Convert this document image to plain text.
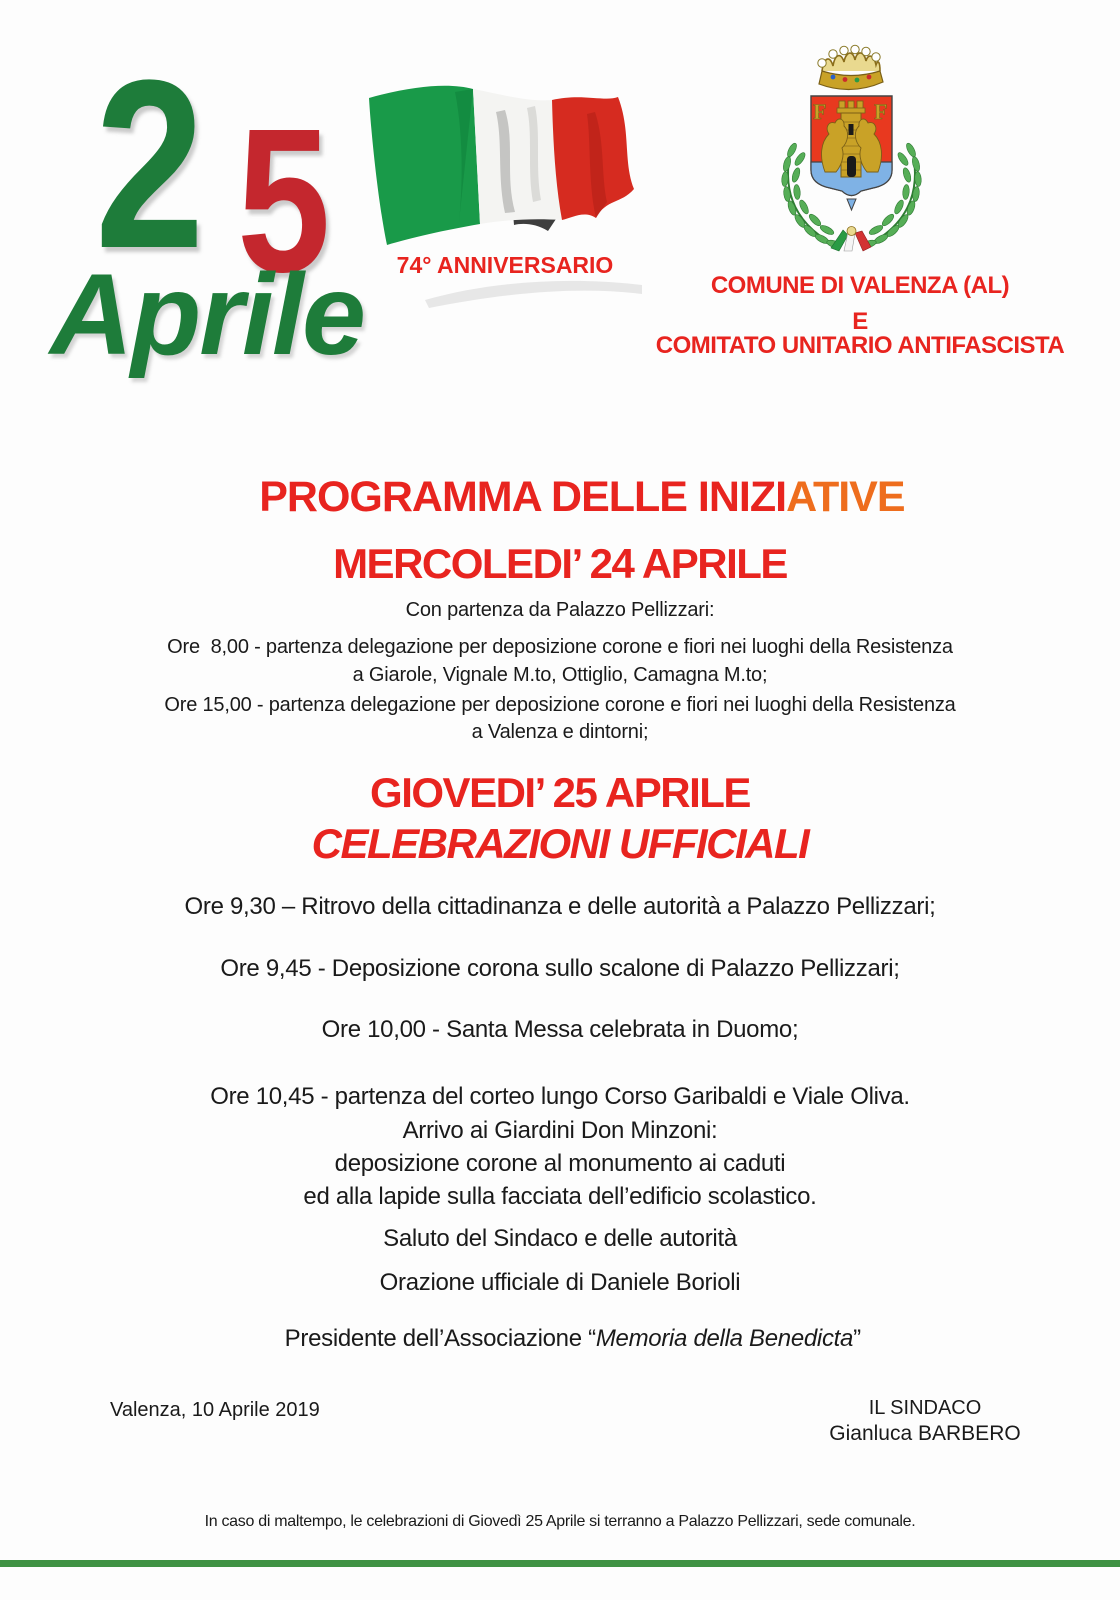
2 5
Aprile	74° ANNIVERSARIO
F F
COMUNE DI VALENZA (AL)
E
COMITATO UNITARIO ANTIFASCISTA

PROGRAMMA DELLE INIZIATIVE

MERCOLEDI’ 24 APRILE
Con partenza da Palazzo Pellizzari:
Ore  8,00 - partenza delegazione per deposizione corone e fiori nei luoghi della Resistenza
a Giarole, Vignale M.to, Ottiglio, Camagna M.to;
Ore 15,00 - partenza delegazione per deposizione corone e fiori nei luoghi della Resistenza
a Valenza e dintorni;
GIOVEDI’ 25 APRILE
CELEBRAZIONI UFFICIALI
Ore 9,30 – Ritrovo della cittadinanza e delle autorità a Palazzo Pellizzari;
Ore 9,45 - Deposizione corona sullo scalone di Palazzo Pellizzari;
Ore 10,00 - Santa Messa celebrata in Duomo;
Ore 10,45 - partenza del corteo lungo Corso Garibaldi e Viale Oliva.
Arrivo ai Giardini Don Minzoni:
deposizione corone al monumento ai caduti
ed alla lapide sulla facciata dell’edificio scolastico.
Saluto del Sindaco e delle autorità
Orazione ufficiale di Daniele Borioli

Presidente dell’Associazione “Memoria della Benedicta”

Valenza, 10 Aprile 2019	IL SINDACO
Gianluca BARBERO
In caso di maltempo, le celebrazioni di Giovedì 25 Aprile si terranno a Palazzo Pellizzari, sede comunale.
